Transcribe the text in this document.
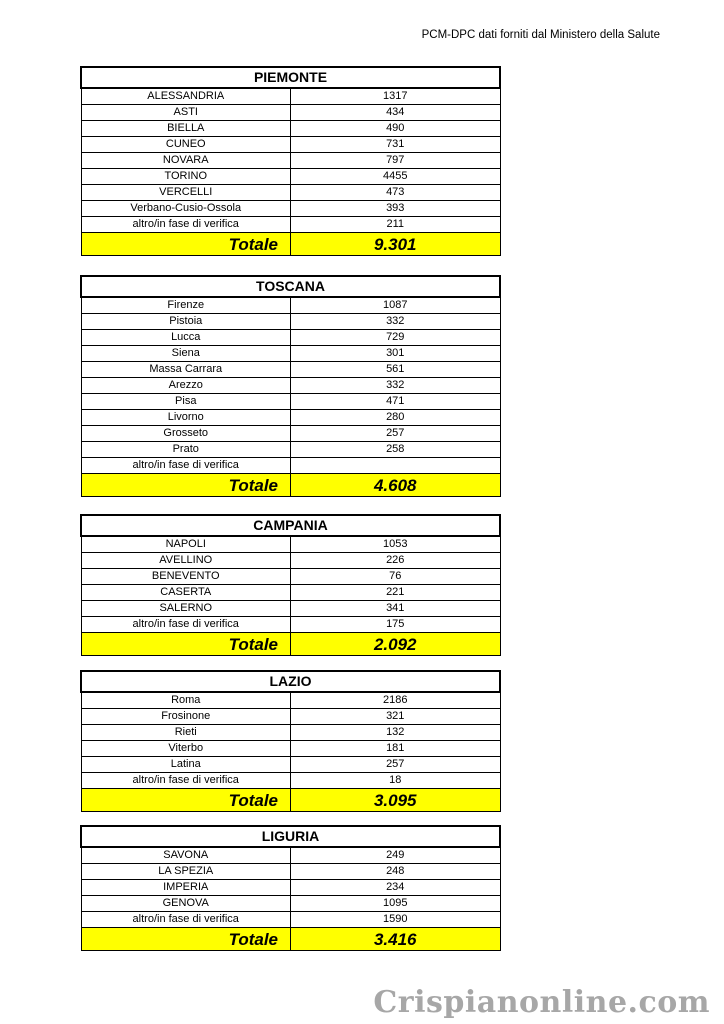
PCM-DPC dati forniti dal Ministero della Salute
PIEMONTE	
ALESSANDRIA	1317
ASTI	434
BIELLA	490
CUNEO	731
NOVARA	797
TORINO	4455
VERCELLI	473
Verbano-Cusio-Ossola	393
altro/in fase di verifica	211
Totale	9.301
TOSCANA	
Firenze	1087
Pistoia	332
Lucca	729
Siena	301
Massa Carrara	561
Arezzo	332
Pisa	471
Livorno	280
Grosseto	257
Prato	258
altro/in fase di verifica	
Totale	4.608
CAMPANIA	
NAPOLI	1053
AVELLINO	226
BENEVENTO	76
CASERTA	221
SALERNO	341
altro/in fase di verifica	175
Totale	2.092
LAZIO	
Roma	2186
Frosinone	321
Rieti	132
Viterbo	181
Latina	257
altro/in fase di verifica	18
Totale	3.095
LIGURIA	
SAVONA	249
LA SPEZIA	248
IMPERIA	234
GENOVA	1095
altro/in fase di verifica	1590
Totale	3.416
Crispianonline.com
